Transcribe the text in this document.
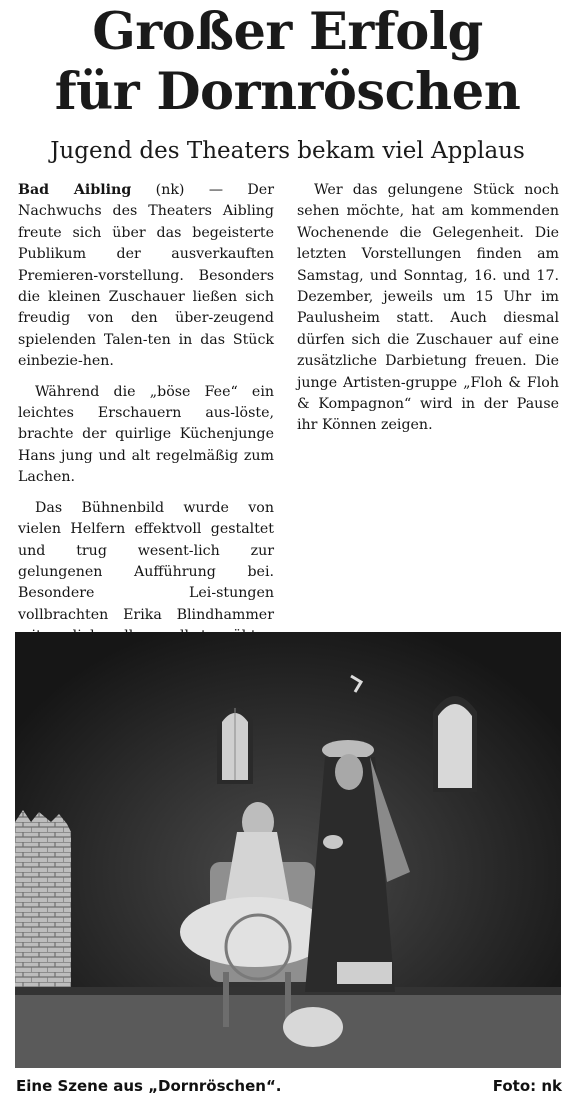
Großer Erfolg
für Dornröschen
Jugend des Theaters bekam viel Applaus

Bad Aibling (nk) — Der Nachwuchs des Theaters Aibling freute sich über das begeisterte Publikum der ausverkauften Premieren-vorstellung. Besonders die kleinen Zuschauer ließen sich freudig von den über-zeugend spielenden Talen-ten in das Stück einbezie-hen.

Während die „böse Fee“ ein leichtes Erschauern aus-löste, brachte der quirlige Küchenjunge Hans jung und alt regelmäßig zum Lachen.

Das Bühnenbild wurde von vielen Helfern effektvoll gestaltet und trug wesent-lich zur gelungenen Aufführung bei. Besondere Lei-stungen vollbrachten Erika Blindhammer

Wer das gelungene Stück noch sehen möchte, hat am kommenden Wochenende die Gelegenheit. Die letzten Vorstellungen finden am Samstag, und Sonntag, 16. und 17. Dezember, jeweils um 15 Uhr im Paulusheim statt. Auch diesmal dürfen sich die Zuschauer auf eine zusätzliche Darbietung freuen. Die junge Artisten-gruppe „Floh & Floh & Kompagnon“ wird in der Pause ihr Können zeigen.

Eine Szene aus „Dornröschen“.	Foto: nk
